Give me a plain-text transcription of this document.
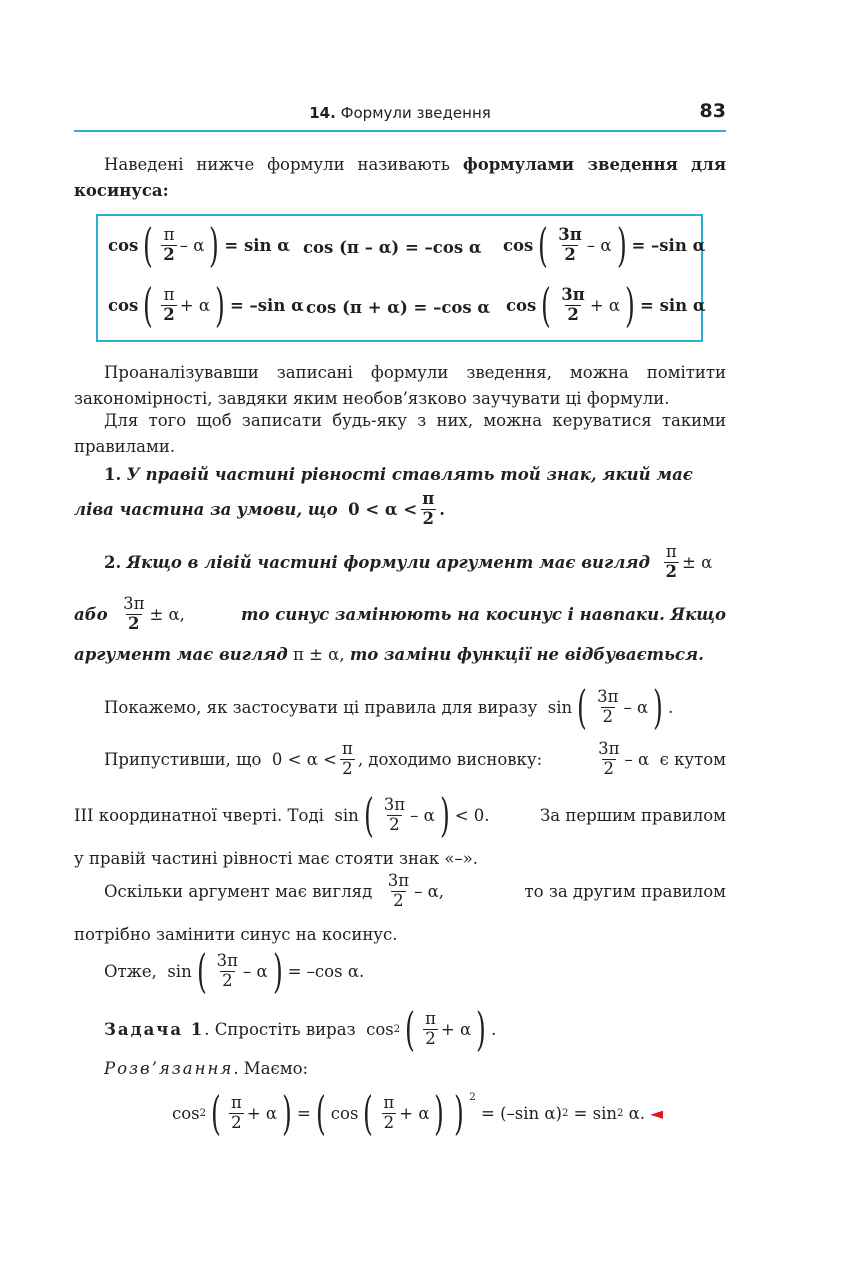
14. Формули зведення	83
Наведені нижче формули називають формулами зведення для косинуса:
cos ( $\frac{\pi}{2}$ – α ) = sin α cos (π – α) = –cos α cos ( $\frac{3\pi}{2}$ – α ) = –sin α
cos ( $\frac{\pi}{2} + \alpha$ ) = –sin α cos (π + α) = –cos α cos ( $\frac{3\pi}{2} + \alpha$ ) = sin α
Проаналізувавши записані формули зведення, можна помітити закономірності, завдяки яким необов’язково заучувати ці формули.
Для того щоб записати будь-яку з них, можна керуватися такими правилами.
1. У правій частині рівності ставлять той знак, який має
ліва частина за умови, що
$0 < \alpha < \frac{\pi}{2}$ .
2.
Якщо в лівій частині формули аргумент має вигляд
$\frac{\pi}{2} \pm \alpha$
або
$\frac{3\pi}{2} \pm \alpha$,	то синус замінюють на косинус і навпаки. Якщо
аргумент має вигляд π ± α, то заміни функції не відбувається.
Покажемо, як застосувати ці правила для виразу
sin ( $\frac{3\pi}{2}$ – α ) .
Припустивши, що
$0 < \alpha < \frac{\pi}{2}$ , доходимо висновку:	$\frac{3\pi}{2}$ – α
є кутом
ІІІ координатної чверті. Тоді
sin ( $\frac{3\pi}{2}$ – α ) < 0.	За першим правилом
у правій частині рівності має стояти знак «–».
Оскільки аргумент має вигляд
$\frac{3\pi}{2}$ – α,	то за другим правилом
потрібно замінити синус на косинус.
Отже,
sin ( $\frac{3\pi}{2}$ – α ) = –cos α.
Задача 1 . Спростіть вираз
cos 2 ( $\frac{\pi}{2} + \alpha$ ) .
Розв’язання. Маємо:
cos 2 ( $\frac{\pi}{2} + \alpha$ ) = ( cos ( $\frac{\pi}{2} + \alpha$ ) ) $^2$

= (–sin α) 2
= sin 2
α.
◄
